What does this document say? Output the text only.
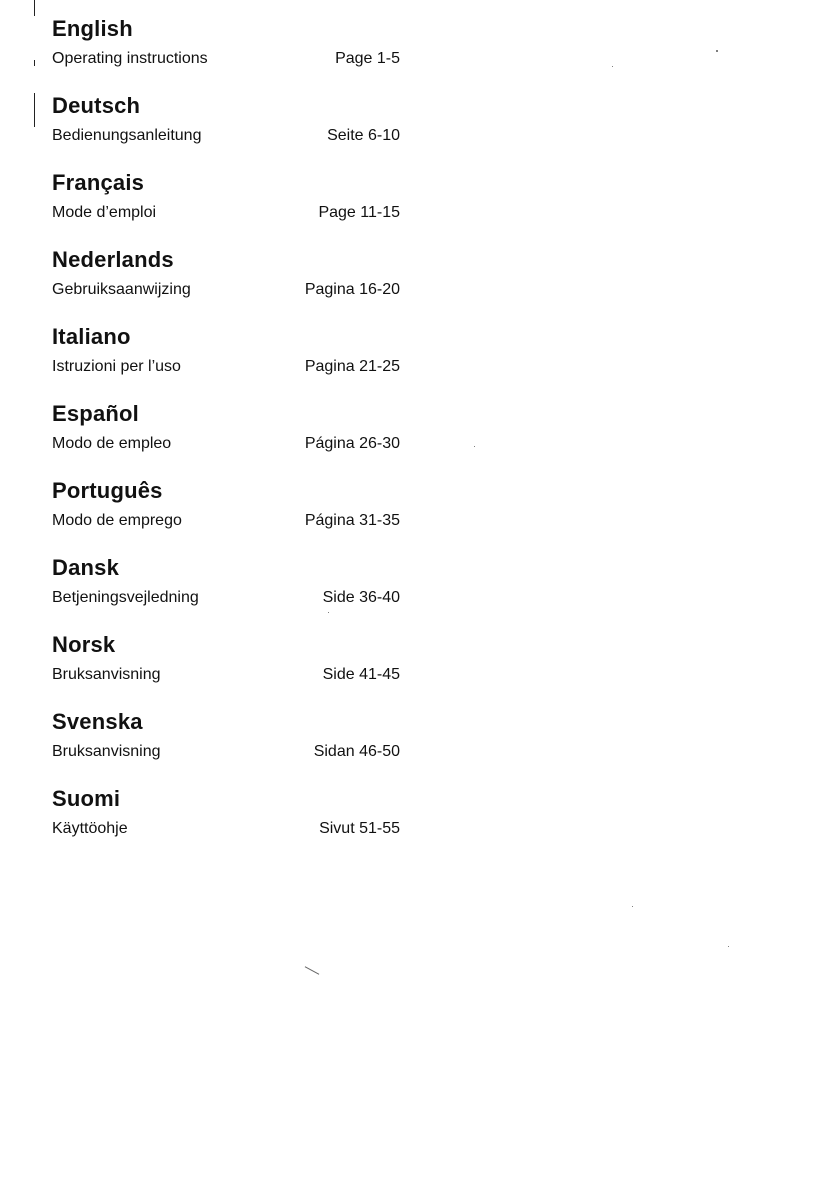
English
Operating instructions	Page 1-5
Deutsch
Bedienungsanleitung	Seite 6-10
Français
Mode d’emploi	Page 11-15
Nederlands
Gebruiksaanwijzing	Pagina 16-20
Italiano
Istruzioni per l’uso	Pagina 21-25
Español
Modo de empleo	Página 26-30
Português
Modo de emprego	Página 31-35
Dansk
Betjeningsvejledning	Side 36-40
Norsk
Bruksanvisning	Side 41-45
Svenska
Bruksanvisning	Sidan 46-50
Suomi
Käyttöohje	Sivut 51-55
